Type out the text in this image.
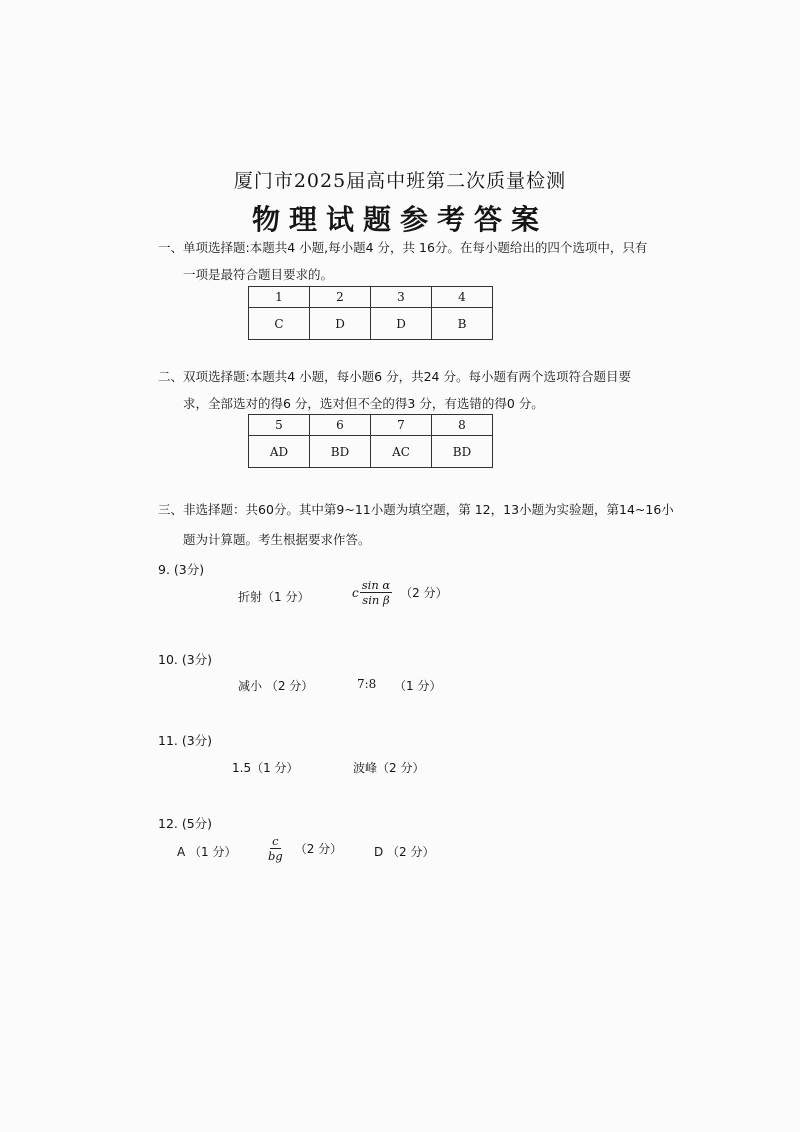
厦门市2025届高中班第二次质量检测
物理试题参考答案
一、单项选择题:本题共4 小题,每小题4 分，共 16分。在每小题给出的四个选项中，只有
一项是最符合题目要求的。
1	2	3	4
C	D	D	B
二、双项选择题:本题共4 小题，每小题6 分，共24 分。每小题有两个选项符合题目要
求，全部选对的得6 分，选对但不全的得3 分，有选错的得0 分。
5	6	7	8
AD	BD	AC	BD
三、非选择题：共60分。其中第9~11小题为填空题，第 12，13小题为实验题，第14~16小
题为计算题。考生根据要求作答。
9. (3分)
折射（1 分）	c $\frac{\text{sin α}}{\text{sin β}} (2$ 分）
10. (3分)
减小 （2 分）	7:8 （1 分）
11. (3分)
1.5（1 分）	波峰（2 分）
12. (5分)
A （1 分）	$\frac{c}{bg} (2$ 分）	D （2 分）
